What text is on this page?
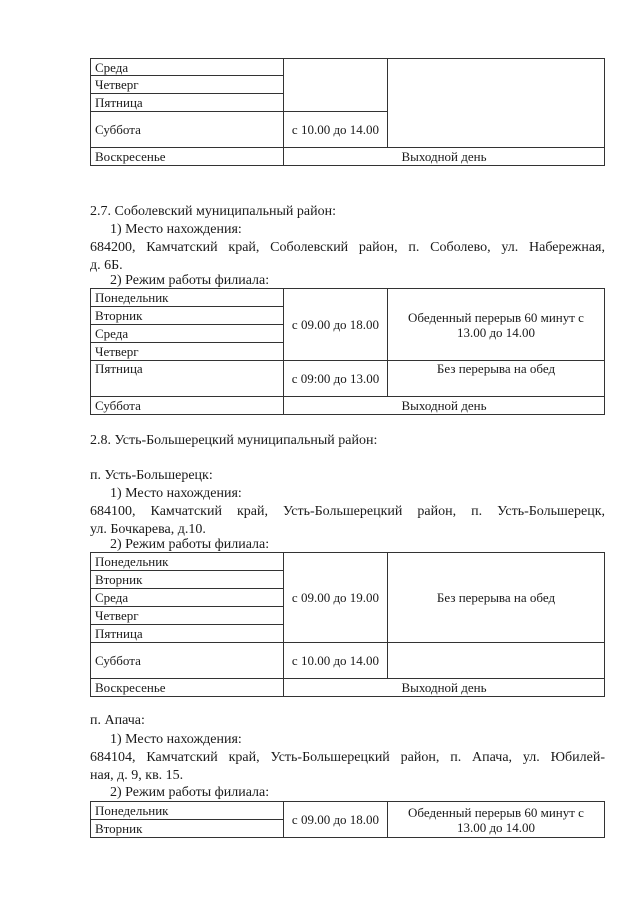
Среда		
Четверг		
Пятница		
Суббота	с 10.00 до 14.00	
Воскресенье	Выходной день	
2.7. Соболевский муниципальный район:
1) Место нахождения:
684200, Камчатский край, Соболевский район, п. Соболево, ул. Набережная,
д. 6Б.
2) Режим работы филиала:
Понедельник	с 09.00 до 18.00	Обеденный перерыв 60 минут с 13.00 до 14.00
Вторник		
Среда		
Четверг		
Пятница	с 09:00 до 13.00	Без перерыва на обед
Суббота	Выходной день	
2.8. Усть-Большерецкий муниципальный район:
п. Усть-Большерецк:
1) Место нахождения:
684100, Камчатский край, Усть-Большерецкий район, п. Усть-Большерецк,
ул. Бочкарева, д.10.
2) Режим работы филиала:
Понедельник	с 09.00 до 19.00	Без перерыва на обед
Вторник		
Среда		
Четверг		
Пятница		
Суббота	с 10.00 до 14.00	
Воскресенье	Выходной день	
п. Апача:
1) Место нахождения:
684104, Камчатский край, Усть-Большерецкий район, п. Апача, ул. Юбилей-
ная, д. 9, кв. 15.
2) Режим работы филиала:
Понедельник	с 09.00 до 18.00	Обеденный перерыв 60 минут с 13.00 до 14.00
Вторник
